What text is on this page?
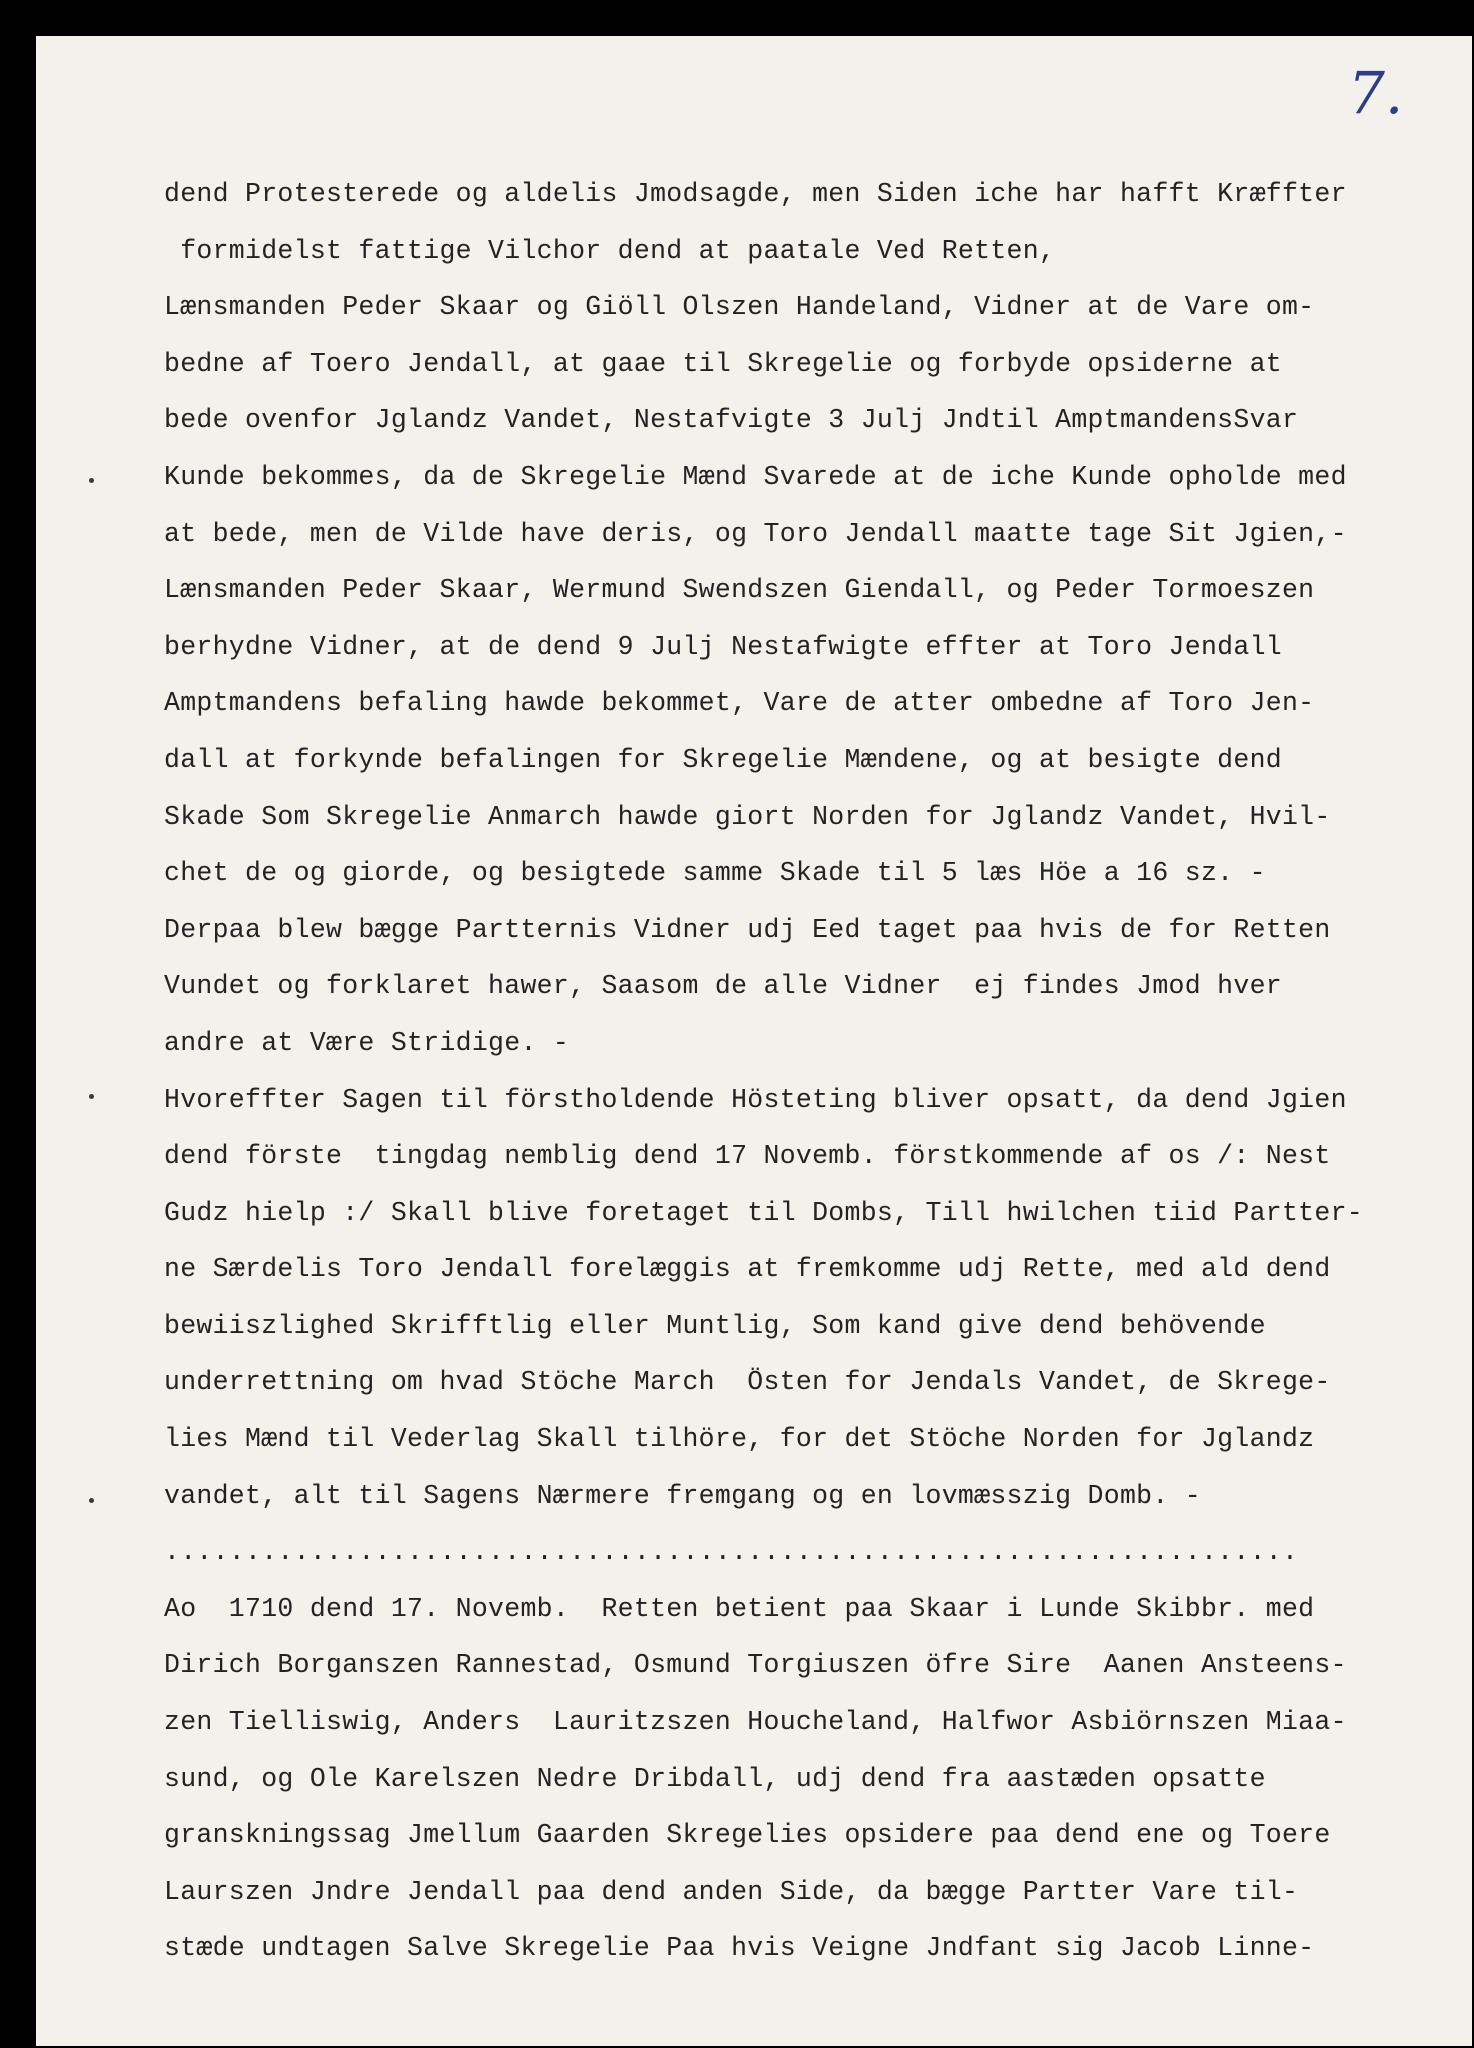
7.
dend Protesterede og aldelis Jmodsagde, men Siden iche har hafft Kræffter
formidelst fattige Vilchor dend at paatale Ved Retten,
Lænsmanden Peder Skaar og Giöll Olszen Handeland, Vidner at de Vare om-
bedne af Toero Jendall, at gaae til Skregelie og forbyde opsiderne at
bede ovenfor Jglandz Vandet, Nestafvigte 3 Julj Jndtil AmptmandensSvar
Kunde bekommes, da de Skregelie Mænd Svarede at de iche Kunde opholde med
at bede, men de Vilde have deris, og Toro Jendall maatte tage Sit Jgien,-
Lænsmanden Peder Skaar, Wermund Swendszen Giendall, og Peder Tormoeszen
berhydne Vidner, at de dend 9 Julj Nestafwigte effter at Toro Jendall
Amptmandens befaling hawde bekommet, Vare de atter ombedne af Toro Jen-
dall at forkynde befalingen for Skregelie Mændene, og at besigte dend
Skade Som Skregelie Anmarch hawde giort Norden for Jglandz Vandet, Hvil-
chet de og giorde, og besigtede samme Skade til 5 læs Höe a 16 sz. -
Derpaa blew bægge Partternis Vidner udj Eed taget paa hvis de for Retten
Vundet og forklaret hawer, Saasom de alle Vidner  ej findes Jmod hver
andre at Være Stridige. -
Hvoreffter Sagen til förstholdende Hösteting bliver opsatt, da dend Jgien
dend förste  tingdag nemblig dend 17 Novemb. förstkommende af os /: Nest
Gudz hielp :/ Skall blive foretaget til Dombs, Till hwilchen tiid Partter-
ne Særdelis Toro Jendall forelæggis at fremkomme udj Rette, med ald dend
bewiiszlighed Skrifftlig eller Muntlig, Som kand give dend behövende
underrettning om hvad Stöche March  Östen for Jendals Vandet, de Skrege-
lies Mænd til Vederlag Skall tilhöre, for det Stöche Norden for Jglandz
vandet, alt til Sagens Nærmere fremgang og en lovmæsszig Domb. -
......................................................................
Ao  1710 dend 17. Novemb.  Retten betient paa Skaar i Lunde Skibbr. med
Dirich Borganszen Rannestad, Osmund Torgiuszen öfre Sire  Aanen Ansteens-
zen Tielliswig, Anders  Lauritzszen Houcheland, Halfwor Asbiörnszen Miaa-
sund, og Ole Karelszen Nedre Dribdall, udj dend fra aastæden opsatte
granskningssag Jmellum Gaarden Skregelies opsidere paa dend ene og Toere
Laurszen Jndre Jendall paa dend anden Side, da bægge Partter Vare til-
stæde undtagen Salve Skregelie Paa hvis Veigne Jndfant sig Jacob Linne-
